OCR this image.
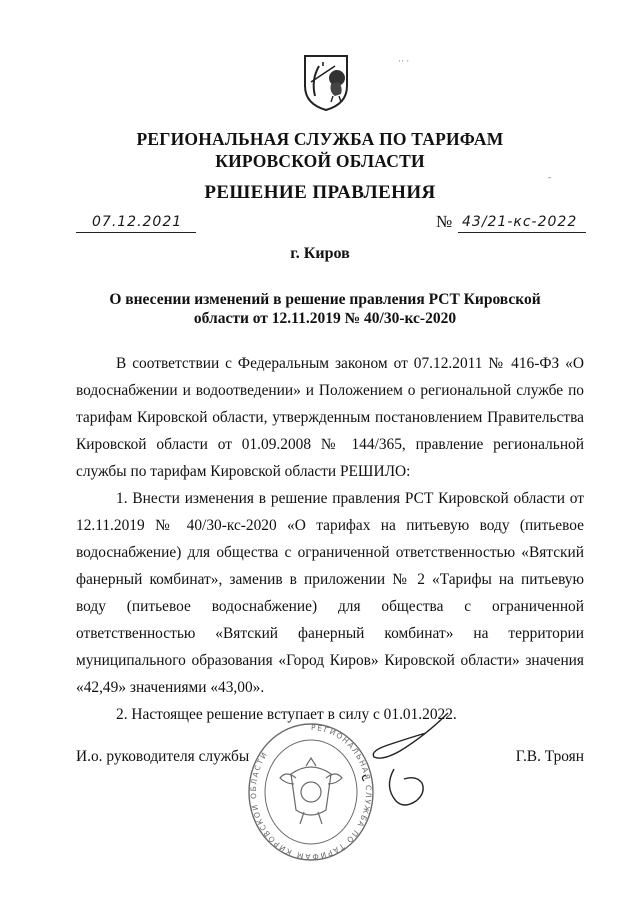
·· ·
РЕГИОНАЛЬНАЯ СЛУЖБА ПО ТАРИФАМ
КИРОВСКОЙ ОБЛАСТИ
РЕШЕНИЕ ПРАВЛЕНИЯ
ˉ
07.12.2021	№ 43/21-кс-2022
г. Киров
О внесении изменений в решение правления РСТ Кировской
области от 12.11.2019 № 40/30-кс-2020

В соответствии с Федеральным законом от 07.12.2011 № 416-ФЗ «О водоснабжении и водоотведении» и Положением о региональной службе по тарифам Кировской области, утвержденным постановлением Правительства Кировской области от 01.09.2008 № 144/365, правление региональной службы по тарифам Кировской области РЕШИЛО:

1. Внести изменения в решение правления РСТ Кировской области от 12.11.2019 № 40/30-кс-2020 «О тарифах на питьевую воду (питьевое водоснабжение) для общества с ограниченной ответственностью «Вятский фанерный комбинат», заменив в приложении № 2 «Тарифы на питьевую воду (питьевое водоснабжение) для общества с ограниченной ответственностью «Вятский фанерный комбинат» на территории муниципального образования «Город Киров» Кировской области» значения «42,49» значениями «43,00».

2. Настоящее решение вступает в силу с 01.01.2022.

РЕГИОНАЛЬНАЯ СЛУЖБА ПО ТАРИФАМ КИРОВСКОЙ ОБЛАСТИ
И.о. руководителя службы	Г.В. Троян
